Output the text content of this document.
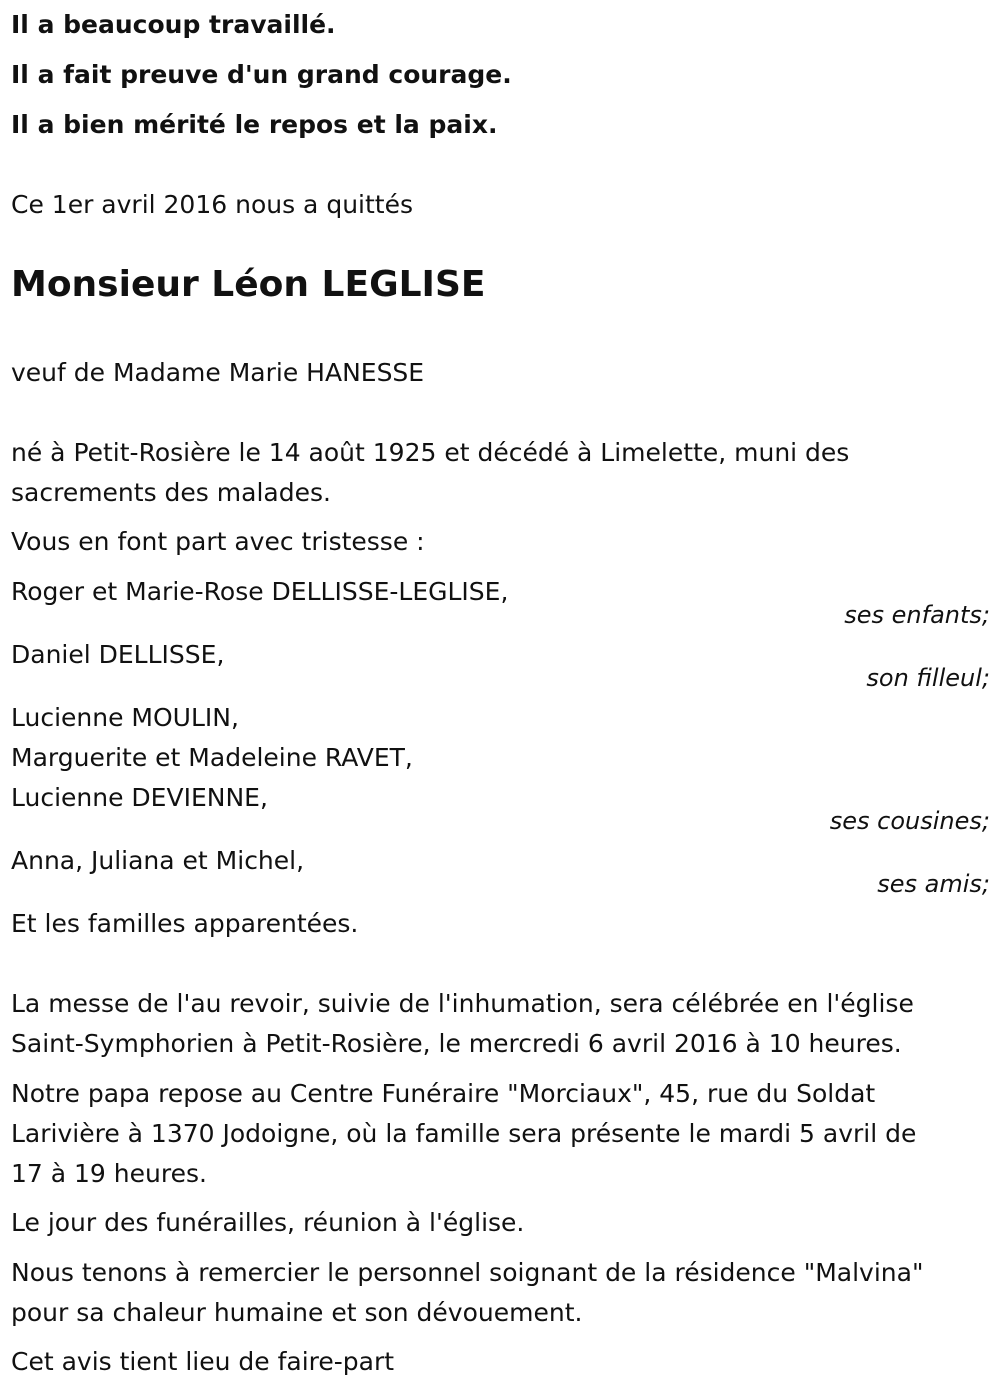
Il a beaucoup travaillé.

Il a fait preuve d'un grand courage.

Il a bien mérité le repos et la paix.

Ce 1er avril 2016 nous a quittés

Monsieur Léon LEGLISE

veuf de Madame Marie HANESSE

né à Petit-Rosière le 14 août 1925 et décédé à Limelette, muni des

sacrements des malades.

Vous en font part avec tristesse :

Roger et Marie-Rose DELLISSE-LEGLISE,

ses enfants;

Daniel DELLISSE,

son filleul;

Lucienne MOULIN,

Marguerite et Madeleine RAVET,

Lucienne DEVIENNE,

ses cousines;

Anna, Juliana et Michel,

ses amis;

Et les familles apparentées.

La messe de l'au revoir, suivie de l'inhumation, sera célébrée en l'église

Saint-Symphorien à Petit-Rosière, le mercredi 6 avril 2016 à 10 heures.

Notre papa repose au Centre Funéraire "Morciaux", 45, rue du Soldat

Larivière à 1370 Jodoigne, où la famille sera présente le mardi 5 avril de

17 à 19 heures.

Le jour des funérailles, réunion à l'église.

Nous tenons à remercier le personnel soignant de la résidence "Malvina"

pour sa chaleur humaine et son dévouement.

Cet avis tient lieu de faire-part
